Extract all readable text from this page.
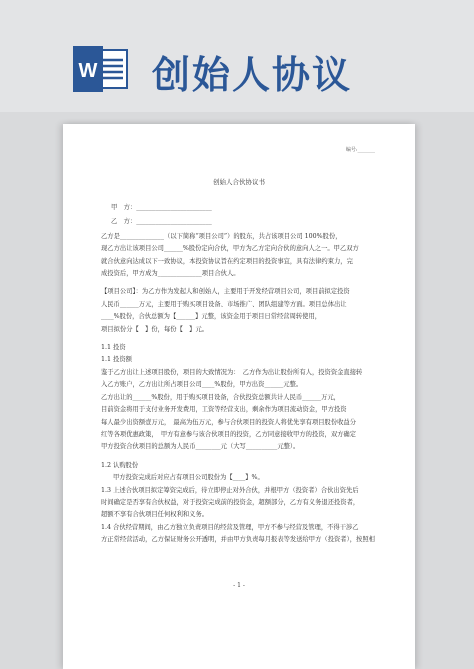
W 创始人协议
编号:_______
创始人合伙协议书

甲　方：________________________

乙　方：________________________

乙方是______________（以下简称“项目公司”）的股东，共占该项目公司 100%股份，

现乙方出让该项目公司______%股份定向合伙，甲方为乙方定向合伙的意向人之一。甲乙双方

就合伙意向达成以下一致协议，本投资协议旨在约定项目的投资事宜，具有法律约束力，完

成投资后，甲方成为______________项目合伙人。

【项目公司】：为乙方作为发起人和创始人，主要用于开发经营项目公司，项目前拟定投资

人民币______万元，主要用于购买项目设备、市场推广、团队组建等方面。项目总体出让

____%股份，合伙总额为【______】元整，该资金用于项目日常经营周转使用，

项目拟份分【　】份，每份【　】元。

1.1 投资

1.1 投资额

鉴于乙方出让上述项目股份，项目的大致情况为：　乙方作为出让股份所有人，投资资金直接转

入乙方账户，乙方出让所占项目公司____%股份，甲方出资______元整。

乙方出让的______%股份，用于购买项目设备，合伙投资总额共计人民币______万元，

目前资金将用于支付业务开发费用，工资等经营支出，剩余作为项目流动资金，甲方投资

每人最少出资额壹万元，　最高为伍万元，参与合伙项目的投资人将优先享有项目股份收益分

红等各项优惠政策，　甲方有意参与该合伙项目的投资，乙方同意接收甲方的投资，双方确定

甲方投资合伙项目的总额为人民币________元（大写__________元整）。

1.2 认购股份

甲方投资完成后对应占有项目公司股份为【____】%。

1.3 上述合伙项目拟定筹资完成后，待立即停止对外合伙，并根甲方（投资者）合伙出资先后

时间确定是否享有合伙权益，对于投资完成前的投资金，超额部分，乙方有义务退还投资者，

超额不享有合伙项目任何权利和义务。

1.4 合伙经营期间，由乙方独立负责项目的经营及管理，甲方不参与经营及管理，不得干涉乙

方正常经营活动，乙方保证财务公开透明，并由甲方负责每月报表等发送给甲方（投资者），按照相

- 1 -
